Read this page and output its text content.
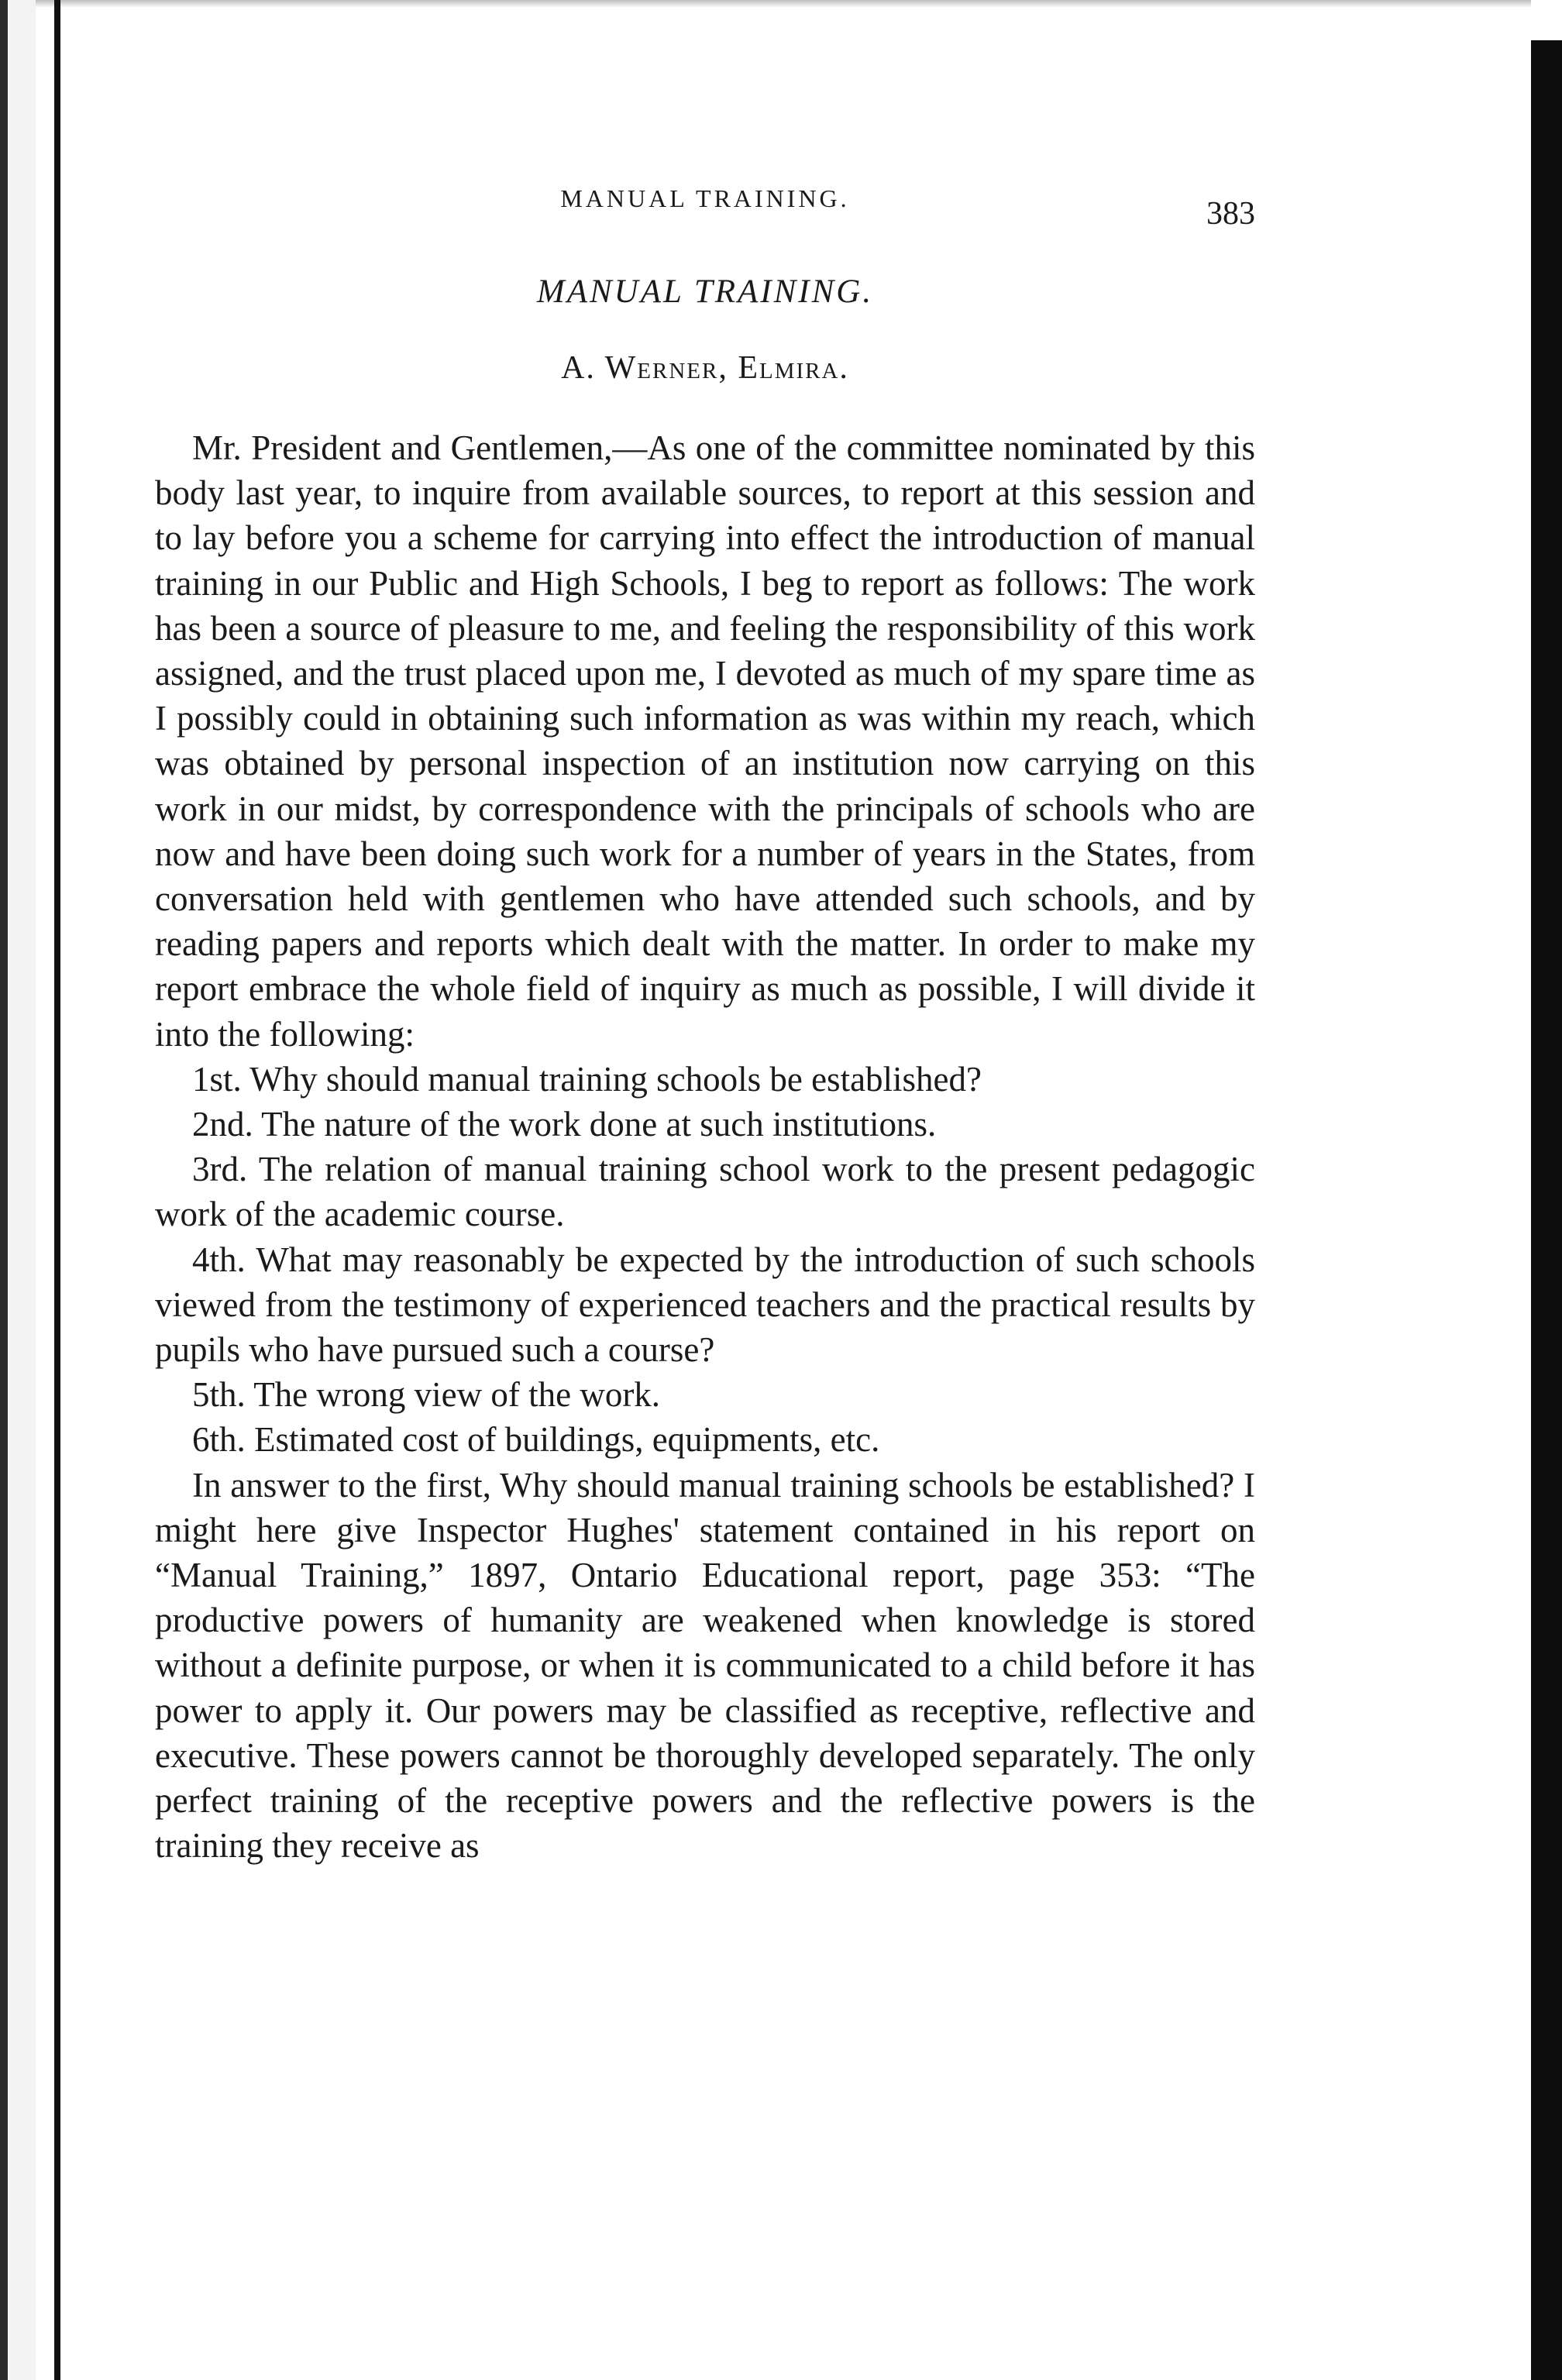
MANUAL TRAINING.	383
MANUAL TRAINING.
A. Werner, Elmira.

Mr. President and Gentlemen,—As one of the committee nominated by this body last year, to inquire from available sources, to report at this session and to lay before you a scheme for carrying into effect the introduction of manual training in our Public and High Schools, I beg to report as follows: The work has been a source of pleasure to me, and feeling the responsibility of this work assigned, and the trust placed upon me, I devoted as much of my spare time as I possibly could in obtaining such information as was within my reach, which was obtained by personal inspection of an institution now carrying on this work in our midst, by correspondence with the principals of schools who are now and have been doing such work for a number of years in the States, from conversation held with gentlemen who have attended such schools, and by reading papers and reports which dealt with the matter. In order to make my report embrace the whole field of inquiry as much as possible, I will divide it into the following:

1st. Why should manual training schools be established?

2nd. The nature of the work done at such institutions.

3rd. The relation of manual training school work to the present pedagogic work of the academic course.

4th. What may reasonably be expected by the introduction of such schools viewed from the testimony of experienced teachers and the practical results by pupils who have pursued such a course?

5th. The wrong view of the work.

6th. Estimated cost of buildings, equipments, etc.

In answer to the first, Why should manual training schools be established? I might here give Inspector Hughes' statement contained in his report on “Manual Training,” 1897, Ontario Educational report, page 353: “The productive powers of humanity are weakened when knowledge is stored without a definite purpose, or when it is communicated to a child before it has power to apply it. Our powers may be classified as receptive, reflective and executive. These powers cannot be thoroughly developed separately. The only perfect training of the receptive powers and the reflective powers is the training they receive as
